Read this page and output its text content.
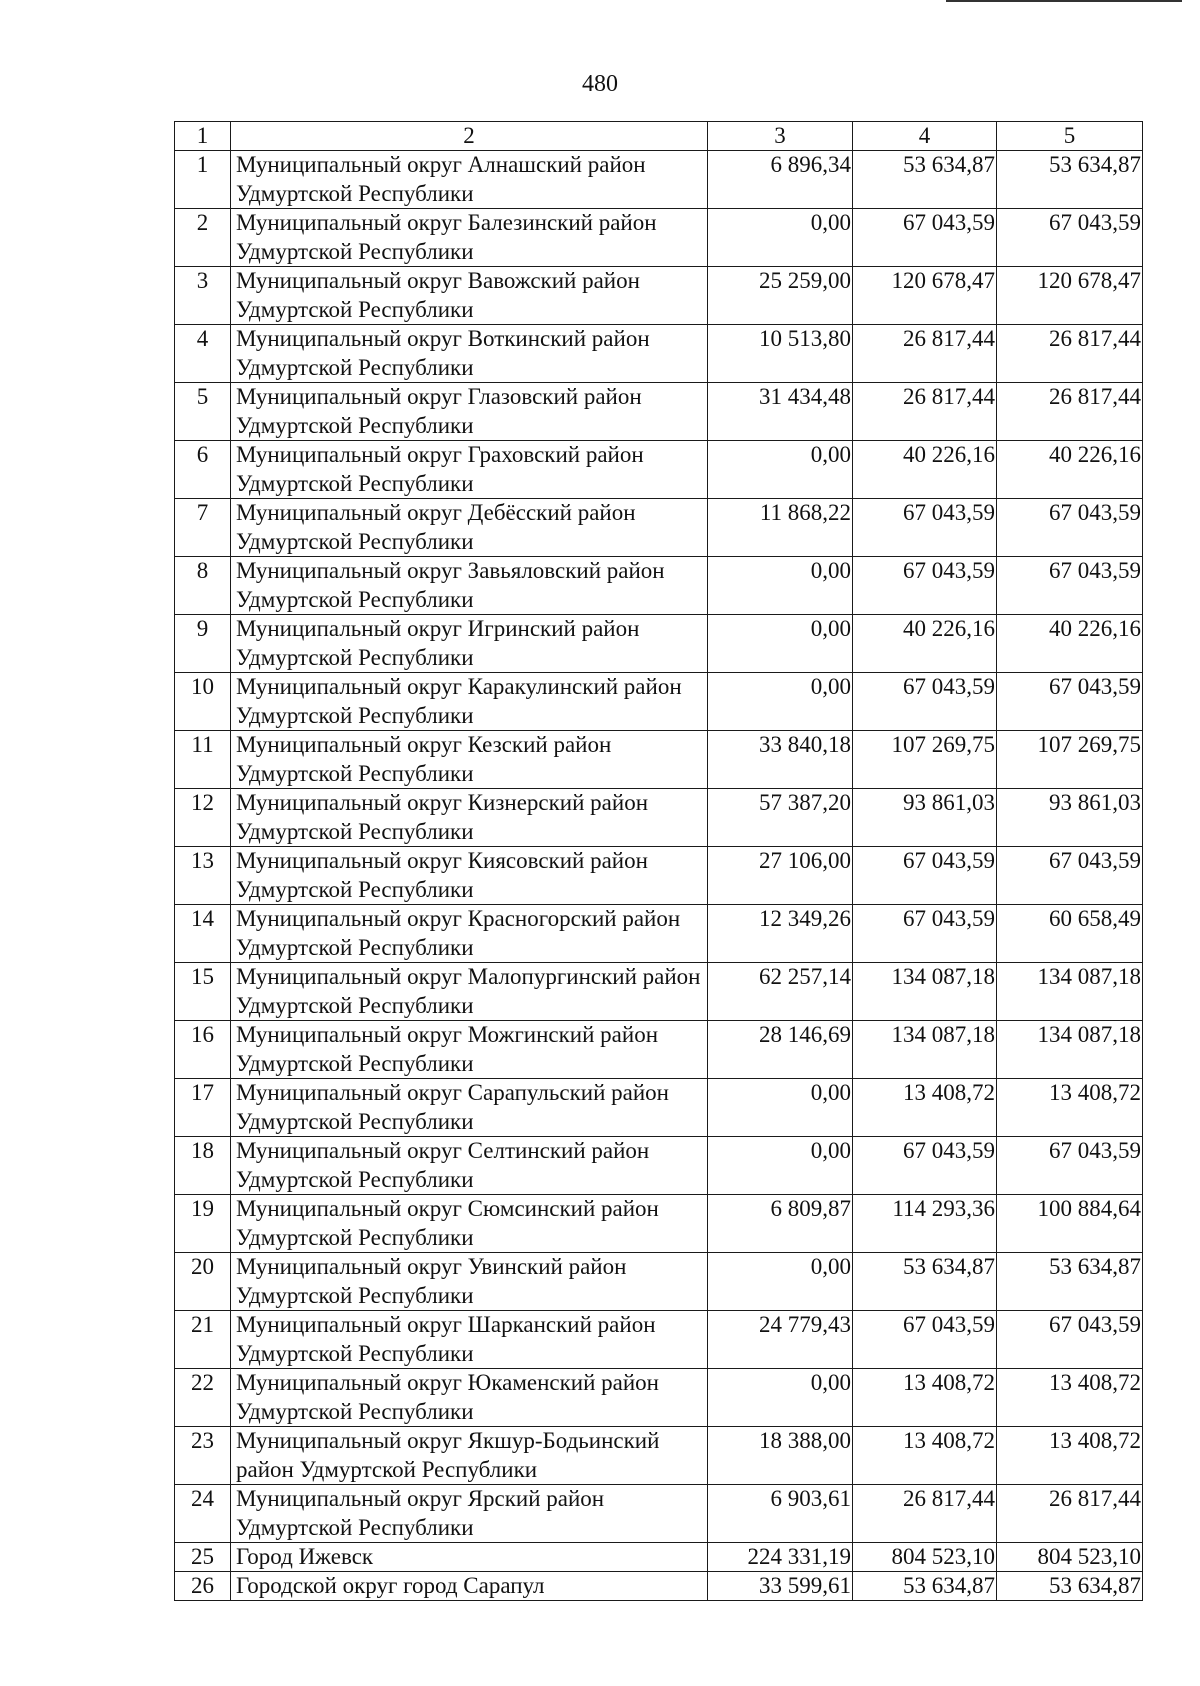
480
1	2	3	4	5
1	Муниципальный округ Алнашский район Удмуртской Республики	6 896,34	53 634,87	53 634,87
2	Муниципальный округ Балезинский район Удмуртской Республики	0,00	67 043,59	67 043,59
3	Муниципальный округ Вавожский район Удмуртской Республики	25 259,00	120 678,47	120 678,47
4	Муниципальный округ Воткинский район Удмуртской Республики	10 513,80	26 817,44	26 817,44
5	Муниципальный округ Глазовский район Удмуртской Республики	31 434,48	26 817,44	26 817,44
6	Муниципальный округ Граховский район Удмуртской Республики	0,00	40 226,16	40 226,16
7	Муниципальный округ Дебёсский район Удмуртской Республики	11 868,22	67 043,59	67 043,59
8	Муниципальный округ Завьяловский район Удмуртской Республики	0,00	67 043,59	67 043,59
9	Муниципальный округ Игринский район Удмуртской Республики	0,00	40 226,16	40 226,16
10	Муниципальный округ Каракулинский район Удмуртской Республики	0,00	67 043,59	67 043,59
11	Муниципальный округ Кезский район Удмуртской Республики	33 840,18	107 269,75	107 269,75
12	Муниципальный округ Кизнерский район Удмуртской Республики	57 387,20	93 861,03	93 861,03
13	Муниципальный округ Киясовский район Удмуртской Республики	27 106,00	67 043,59	67 043,59
14	Муниципальный округ Красногорский район Удмуртской Республики	12 349,26	67 043,59	60 658,49
15	Муниципальный округ Малопургинский район Удмуртской Республики	62 257,14	134 087,18	134 087,18
16	Муниципальный округ Можгинский район Удмуртской Республики	28 146,69	134 087,18	134 087,18
17	Муниципальный округ Сарапульский район Удмуртской Республики	0,00	13 408,72	13 408,72
18	Муниципальный округ Селтинский район Удмуртской Республики	0,00	67 043,59	67 043,59
19	Муниципальный округ Сюмсинский район Удмуртской Республики	6 809,87	114 293,36	100 884,64
20	Муниципальный округ Увинский район Удмуртской Республики	0,00	53 634,87	53 634,87
21	Муниципальный округ Шарканский район Удмуртской Республики	24 779,43	67 043,59	67 043,59
22	Муниципальный округ Юкаменский район Удмуртской Республики	0,00	13 408,72	13 408,72
23	Муниципальный округ Якшур-Бодьинский район Удмуртской Республики	18 388,00	13 408,72	13 408,72
24	Муниципальный округ Ярский район Удмуртской Республики	6 903,61	26 817,44	26 817,44
25	Город Ижевск	224 331,19	804 523,10	804 523,10
26	Городской округ город Сарапул	33 599,61	53 634,87	53 634,87
